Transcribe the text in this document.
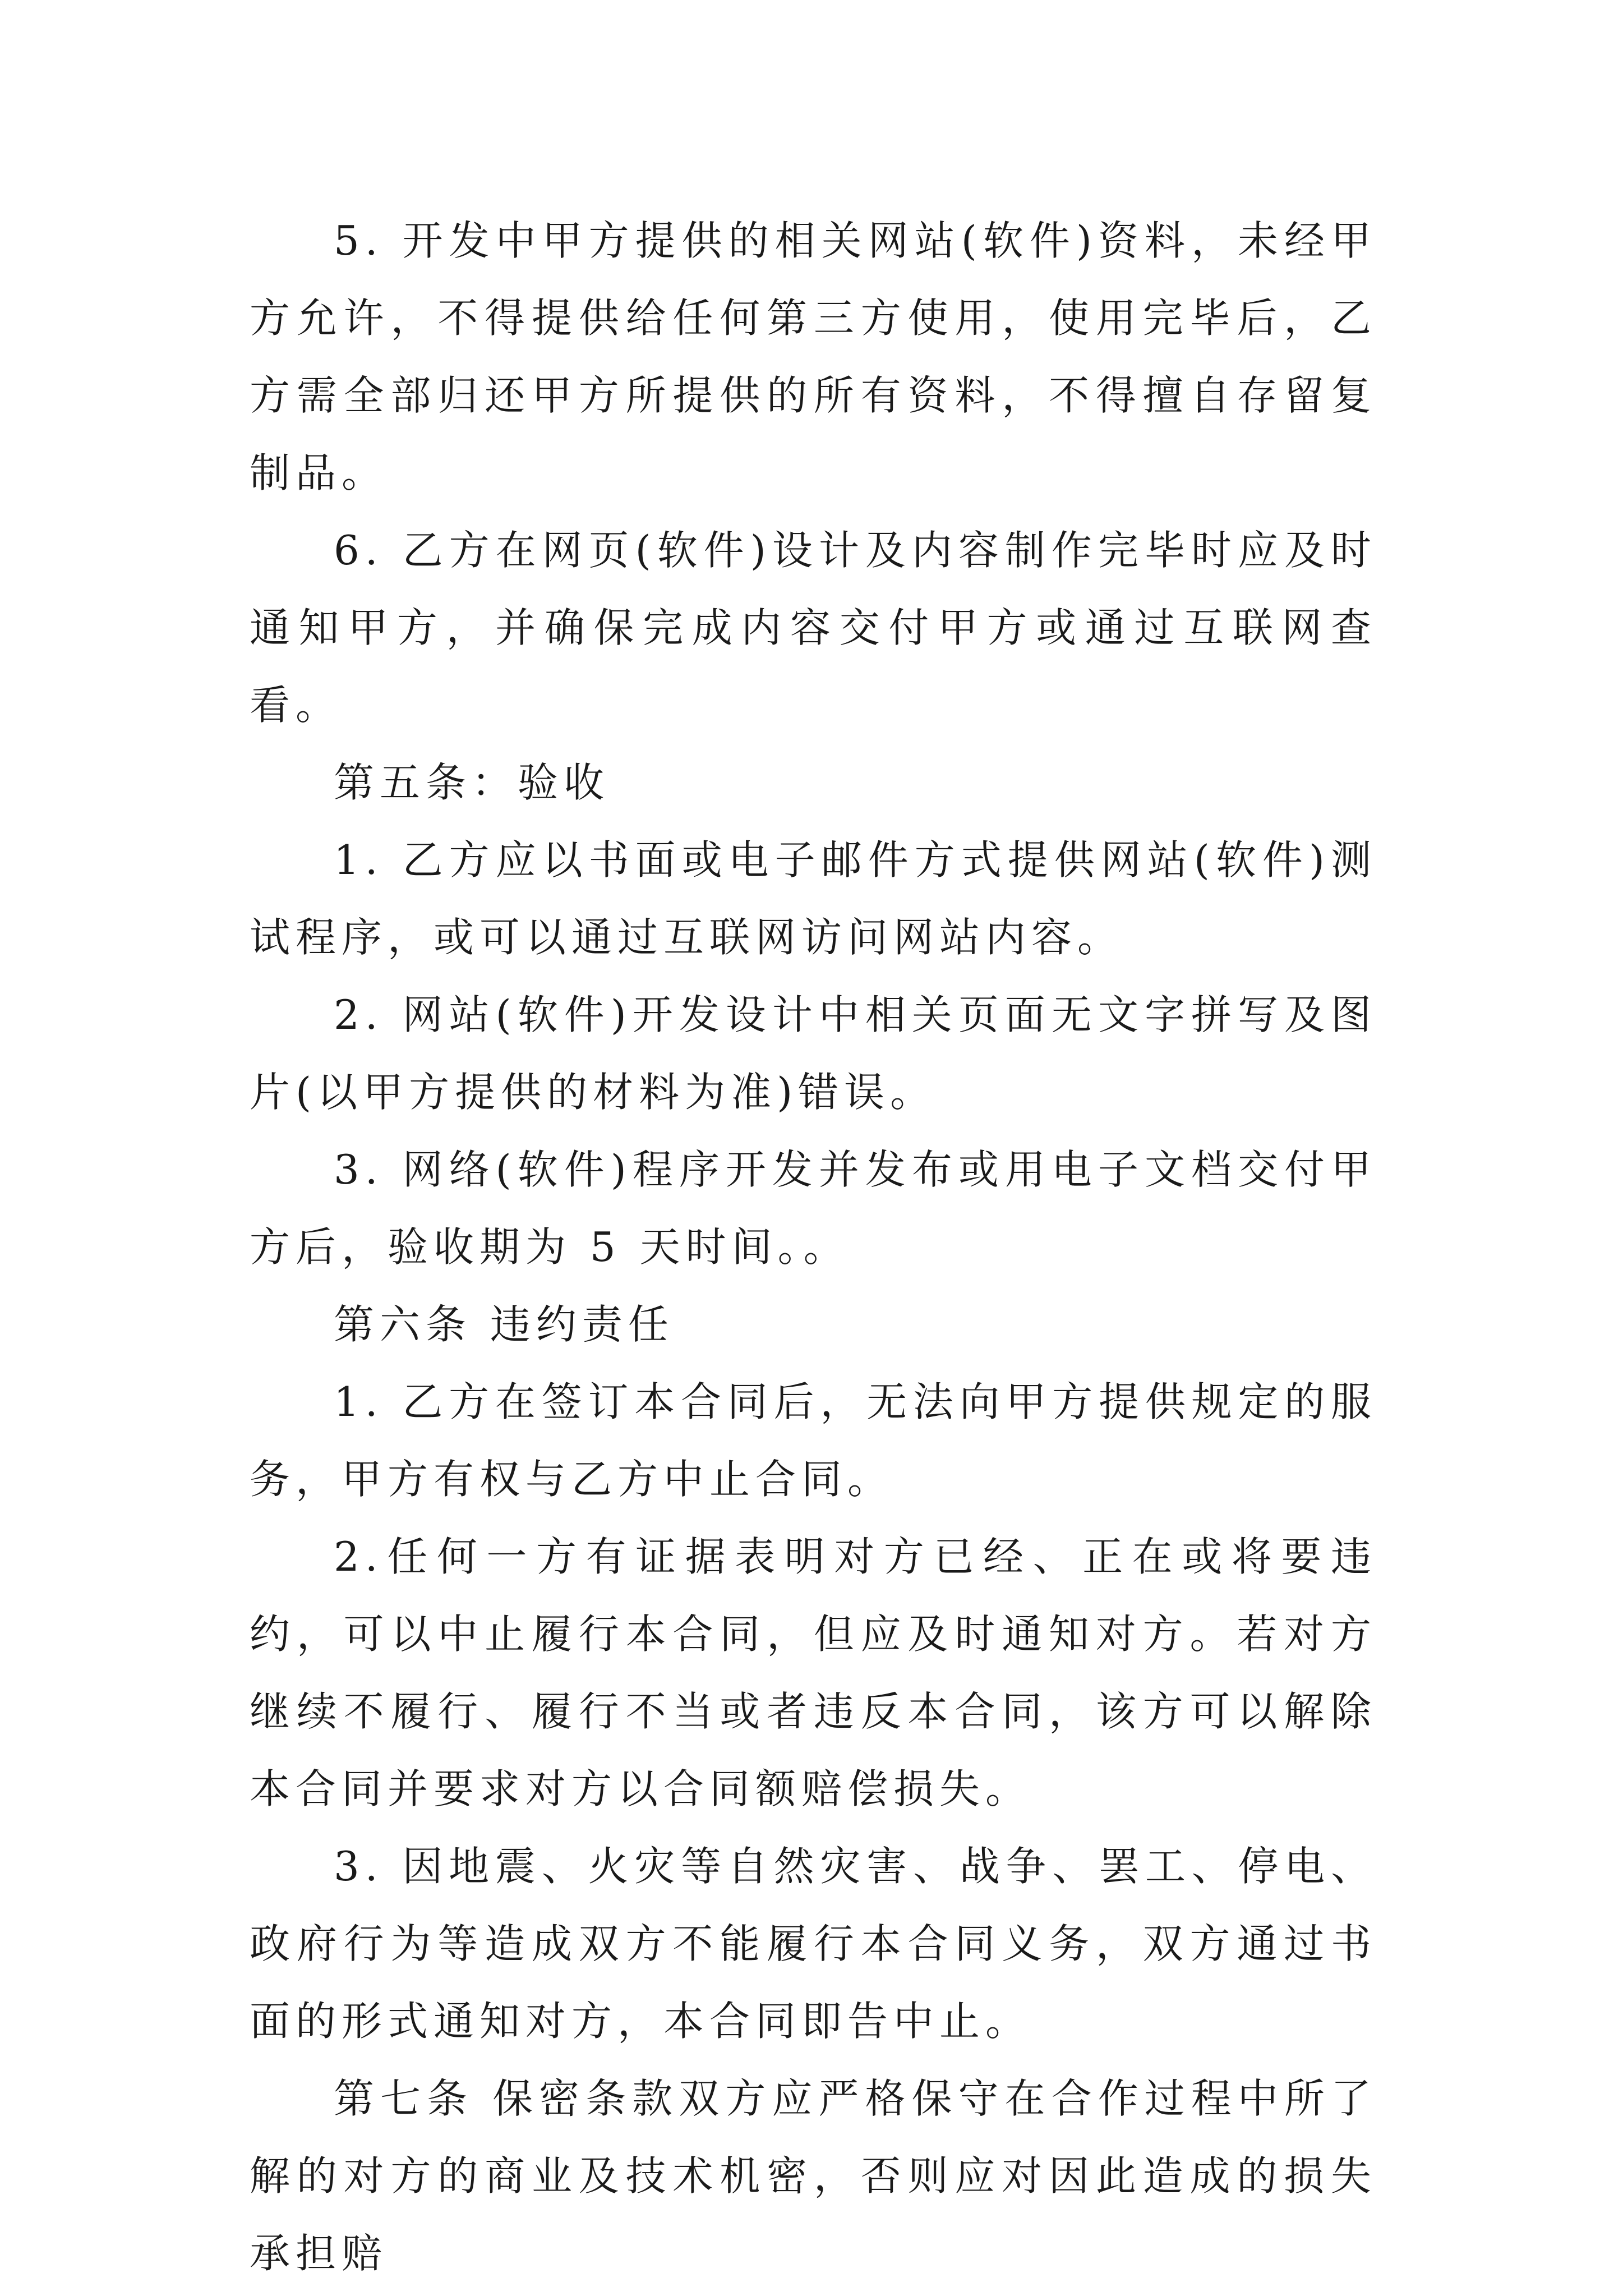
5. 开发中甲方提供的相关网站(软件)资料，未经甲方允许，不得提供给任何第三方使用，使用完毕后，乙方需全部归还甲方所提供的所有资料，不得擅自存留复制品。

6. 乙方在网页(软件)设计及内容制作完毕时应及时通知甲方，并确保完成内容交付甲方或通过互联网查看。

第五条：验收

1. 乙方应以书面或电子邮件方式提供网站(软件)测试程序，或可以通过互联网访问网站内容。

2. 网站(软件)开发设计中相关页面无文字拼写及图片(以甲方提供的材料为准)错误。

3. 网络(软件)程序开发并发布或用电子文档交付甲方后，验收期为 5 天时间。。

第六条 违约责任

1. 乙方在签订本合同后，无法向甲方提供规定的服务，甲方有权与乙方中止合同。

2.任何一方有证据表明对方已经、正在或将要违约，可以中止履行本合同，但应及时通知对方。若对方继续不履行、履行不当或者违反本合同，该方可以解除本合同并要求对方以合同额赔偿损失。

3. 因地震、火灾等自然灾害、战争、罢工、停电、政府行为等造成双方不能履行本合同义务，双方通过书面的形式通知对方，本合同即告中止。

第七条 保密条款双方应严格保守在合作过程中所了解的对方的商业及技术机密，否则应对因此造成的损失承担赔
